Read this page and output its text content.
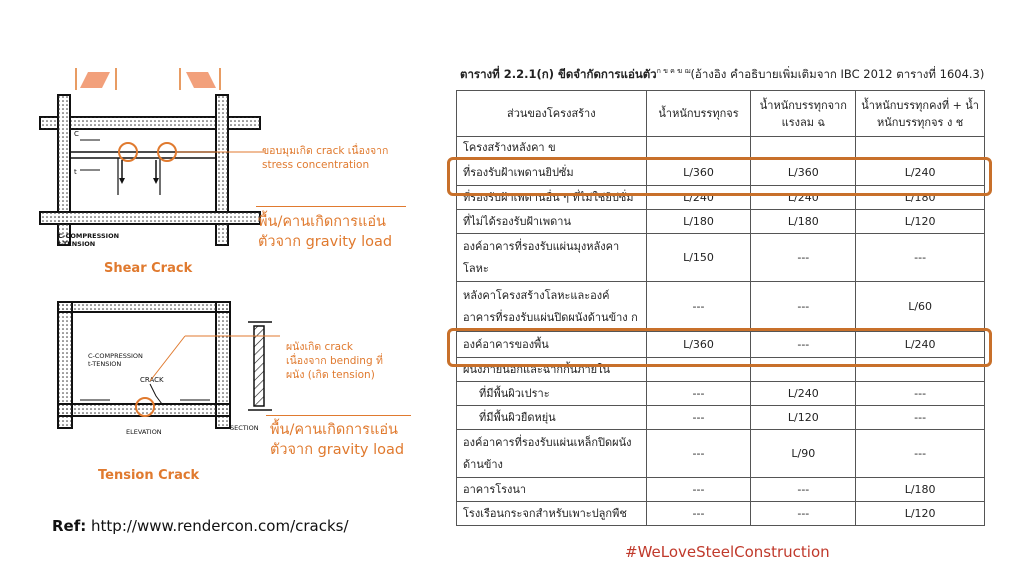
C
t
C-COMPRESSION
t-TENSION
ขอบมุมเกิด crack เนื่องจาก
stress concentration
พื้น/คานเกิดการแอ่น
ตัวจาก gravity load
Shear Crack
CRACK
C-COMPRESSION
t-TENSION
ELEVATION	SECTION
ผนังเกิด crack
เนื่องจาก bending ที่
ผนัง (เกิด tension)
พื้น/คานเกิดการแอ่น
ตัวจาก gravity load
Tension Crack
Ref: http://www.rendercon.com/cracks/
ตารางที่ 2.2.1(ก) ขีดจำกัดการแอ่นตัว$^{ก ข ค ฆ ฌ}$(อ้างอิง คำอธิบายเพิ่มเติมจาก IBC 2012 ตารางที่ 1604.3)
ส่วนของโครงสร้าง	น้ำหนักบรรทุกจร	น้ำหนักบรรทุกจากแรงลม ฉ	น้ำหนักบรรทุกคงที่ + น้ำหนักบรรทุกจร ง ช
โครงสร้างหลังคา ข			
ที่รองรับฝ้าเพดานยิปซั่ม	L/360	L/360	L/240
ที่รองรับฝ้าเพดานอื่น ๆ ที่ไม่ใช่ยิปซั่ม	L/240	L/240	L/180
ที่ไม่ได้รองรับฝ้าเพดาน	L/180	L/180	L/120
องค์อาคารที่รองรับแผ่นมุงหลังคาโลหะ	L/150	---	---
หลังคาโครงสร้างโลหะและองค์อาคารที่รองรับแผ่นปิดผนังด้านข้าง ก	---	---	L/60
องค์อาคารของพื้น	L/360	---	L/240
ผนังภายนอกและฉากกั้นภายใน			
ที่มีพื้นผิวเปราะ	---	L/240	---
ที่มีพื้นผิวยืดหยุ่น	---	L/120	---
องค์อาคารที่รองรับแผ่นเหล็กปิดผนังด้านข้าง	---	L/90	---
อาคารโรงนา	---	---	L/180
โรงเรือนกระจกสำหรับเพาะปลูกพืช	---	---	L/120
#WeLoveSteelConstruction
